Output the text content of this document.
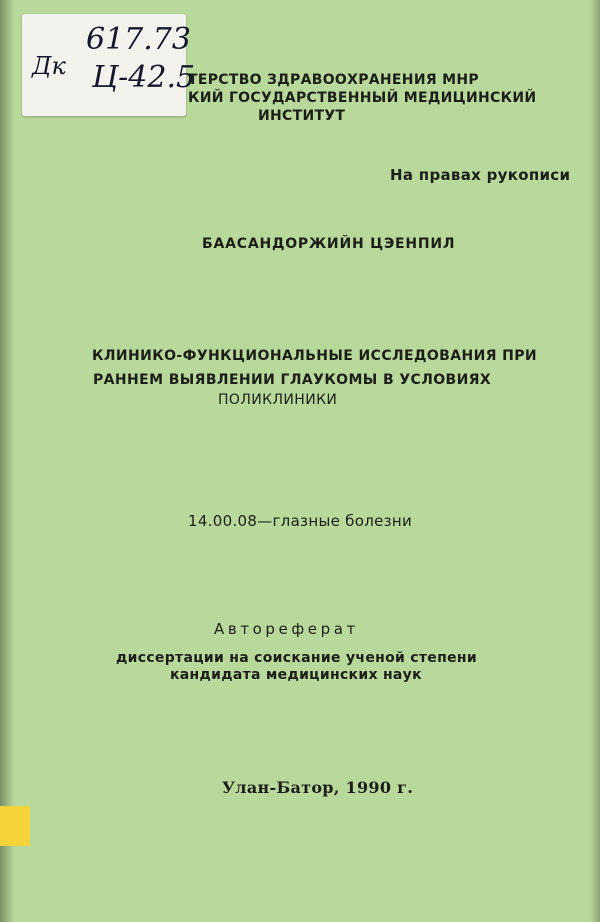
Дк
617.73
Ц-42.5
ТЕРСТВО ЗДРАВООХРАНЕНИЯ МНР
КИЙ ГОСУДАРСТВЕННЫЙ МЕДИЦИНСКИЙ
ИНСТИТУТ
На правах рукописи
БААСАНДОРЖИЙН ЦЭЕНПИЛ
КЛИНИКО-ФУНКЦИОНАЛЬНЫЕ ИССЛЕДОВАНИЯ ПРИ
РАННЕМ ВЫЯВЛЕНИИ ГЛАУКОМЫ В УСЛОВИЯХ
ПОЛИКЛИНИКИ
14.00.08—глазные болезни
Автореферат
диссертации на соискание ученой степени
кандидата медицинских наук
Улан-Батор, 1990 г.
